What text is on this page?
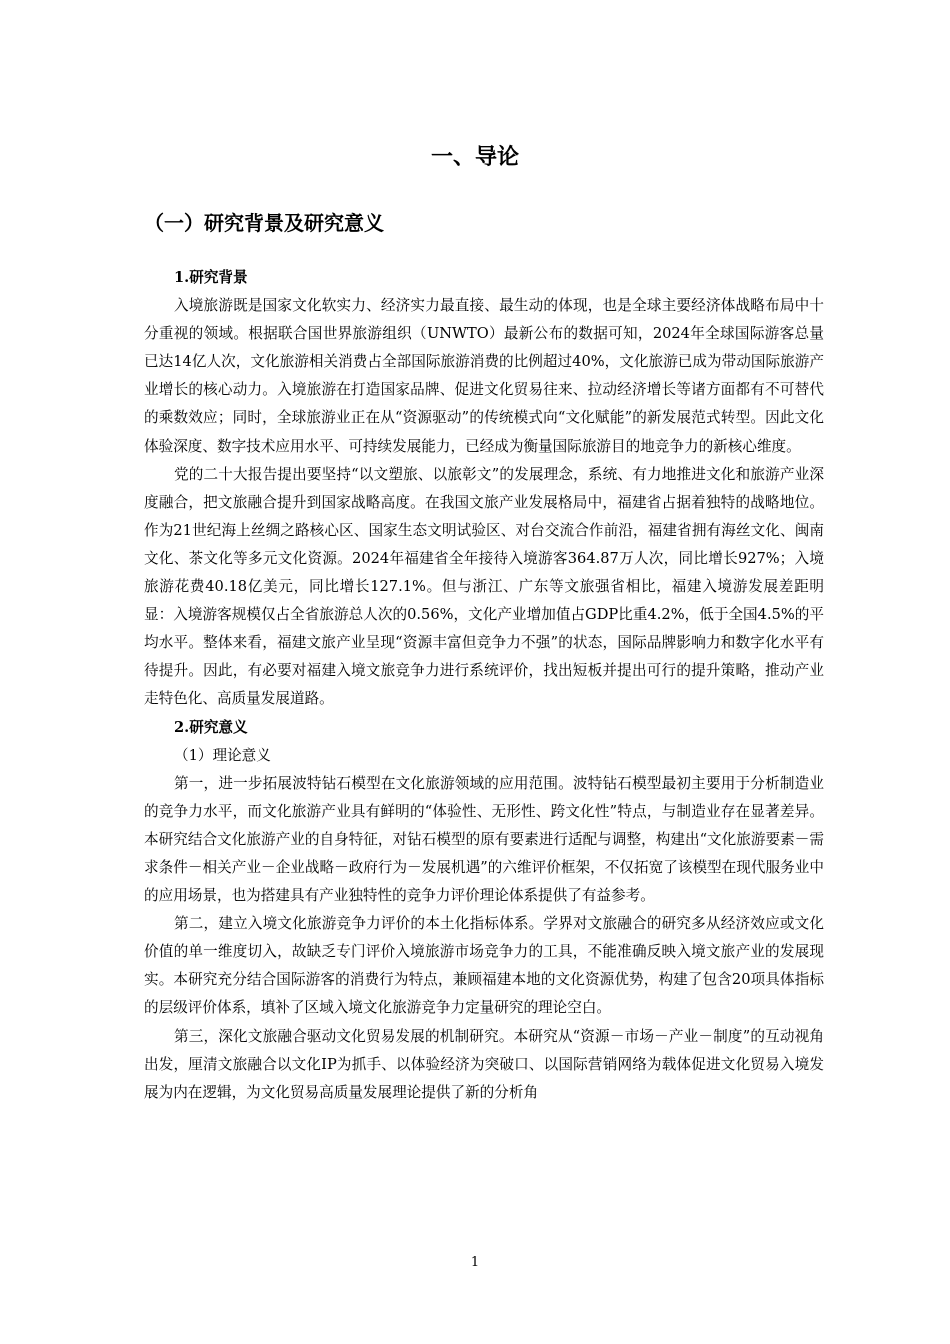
一、导论
（一）研究背景及研究意义

1.研究背景

入境旅游既是国家文化软实力、经济实力最直接、最生动的体现，也是全球主要经济体战略布局中十分重视的领域。根据联合国世界旅游组织（UNWTO）最新公布的数据可知，2024年全球国际游客总量已达14亿人次，文化旅游相关消费占全部国际旅游消费的比例超过40%，文化旅游已成为带动国际旅游产业增长的核心动力。入境旅游在打造国家品牌、促进文化贸易往来、拉动经济增长等诸方面都有不可替代的乘数效应；同时，全球旅游业正在从“资源驱动”的传统模式向“文化赋能”的新发展范式转型。因此文化体验深度、数字技术应用水平、可持续发展能力，已经成为衡量国际旅游目的地竞争力的新核心维度。

党的二十大报告提出要坚持“以文塑旅、以旅彰文”的发展理念，系统、有力地推进文化和旅游产业深度融合，把文旅融合提升到国家战略高度。在我国文旅产业发展格局中，福建省占据着独特的战略地位。作为21世纪海上丝绸之路核心区、国家生态文明试验区、对台交流合作前沿，福建省拥有海丝文化、闽南文化、茶文化等多元文化资源。2024年福建省全年接待入境游客364.87万人次，同比增长927%；入境旅游花费40.18亿美元，同比增长127.1%。但与浙江、广东等文旅强省相比，福建入境游发展差距明显：入境游客规模仅占全省旅游总人次的0.56%，文化产业增加值占GDP比重4.2%，低于全国4.5%的平均水平。整体来看，福建文旅产业呈现“资源丰富但竞争力不强”的状态，国际品牌影响力和数字化水平有待提升。因此，有必要对福建入境文旅竞争力进行系统评价，找出短板并提出可行的提升策略，推动产业走特色化、高质量发展道路。

2.研究意义

（1）理论意义

第一，进一步拓展波特钻石模型在文化旅游领域的应用范围。波特钻石模型最初主要用于分析制造业的竞争力水平，而文化旅游产业具有鲜明的“体验性、无形性、跨文化性”特点，与制造业存在显著差异。本研究结合文化旅游产业的自身特征，对钻石模型的原有要素进行适配与调整，构建出“文化旅游要素－需求条件－相关产业－企业战略－政府行为－发展机遇”的六维评价框架，不仅拓宽了该模型在现代服务业中的应用场景，也为搭建具有产业独特性的竞争力评价理论体系提供了有益参考。

第二，建立入境文化旅游竞争力评价的本土化指标体系。学界对文旅融合的研究多从经济效应或文化价值的单一维度切入，故缺乏专门评价入境旅游市场竞争力的工具，不能准确反映入境文旅产业的发展现实。本研究充分结合国际游客的消费行为特点，兼顾福建本地的文化资源优势，构建了包含20项具体指标的层级评价体系，填补了区域入境文化旅游竞争力定量研究的理论空白。

第三，深化文旅融合驱动文化贸易发展的机制研究。本研究从“资源－市场－产业－制度”的互动视角出发，厘清文旅融合以文化IP为抓手、以体验经济为突破口、以国际营销网络为载体促进文化贸易入境发展为内在逻辑，为文化贸易高质量发展理论提供了新的分析角

1
